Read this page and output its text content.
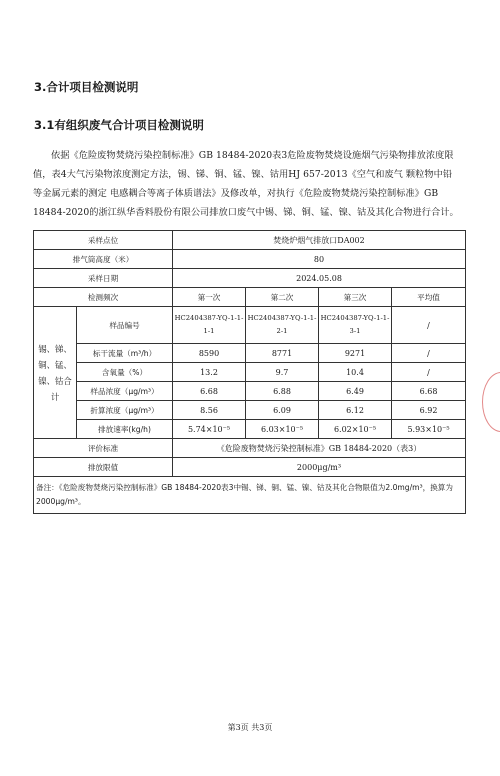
3.合计项目检测说明
3.1有组织废气合计项目检测说明
依据《危险废物焚烧污染控制标准》GB 18484-2020表3危险废物焚烧设施烟气污染物排放浓度限
值，表4大气污染物浓度测定方法，锡、锑、铜、锰、镍、钴用HJ 657-2013《空气和废气 颗粒物中铅
等金属元素的测定 电感耦合等离子体质谱法》及修改单，对执行《危险废物焚烧污染控制标准》GB
18484-2020的浙江纵华香料股份有限公司排放口废气中锡、锑、铜、锰、镍、钴及其化合物进行合计。
采样点位		焚烧炉烟气排放口DA002			
排气筒高度（米）		80			
采样日期		2024.05.08			
检测频次		第一次	第二次	第三次	平均值
锡、锑、铜、锰、镍、钴合计	样品编号	HC2404387-YQ-1-1-1-1	HC2404387-YQ-1-1-2-1	HC2404387-YQ-1-1-3-1	/
	标干流量（m³/h）	8590	8771	9271	/
	含氧量（%）	13.2	9.7	10.4	/
	样品浓度（μg/m³）	6.68	6.88	6.49	6.68
	折算浓度（μg/m³）	8.56	6.09	6.12	6.92
	排放速率(kg/h)	5.74×10⁻⁵	6.03×10⁻⁵	6.02×10⁻⁵	5.93×10⁻⁵
评价标准		《危险废物焚烧污染控制标准》GB 18484-2020（表3）			
排放限值		2000μg/m³			
备注：《危险废物焚烧污染控制标准》GB 18484-2020表3中锡、锑、铜、锰、镍、钴及其化合物限值为2.0mg/m³，换算为2000μg/m³。					
第3页 共3页
